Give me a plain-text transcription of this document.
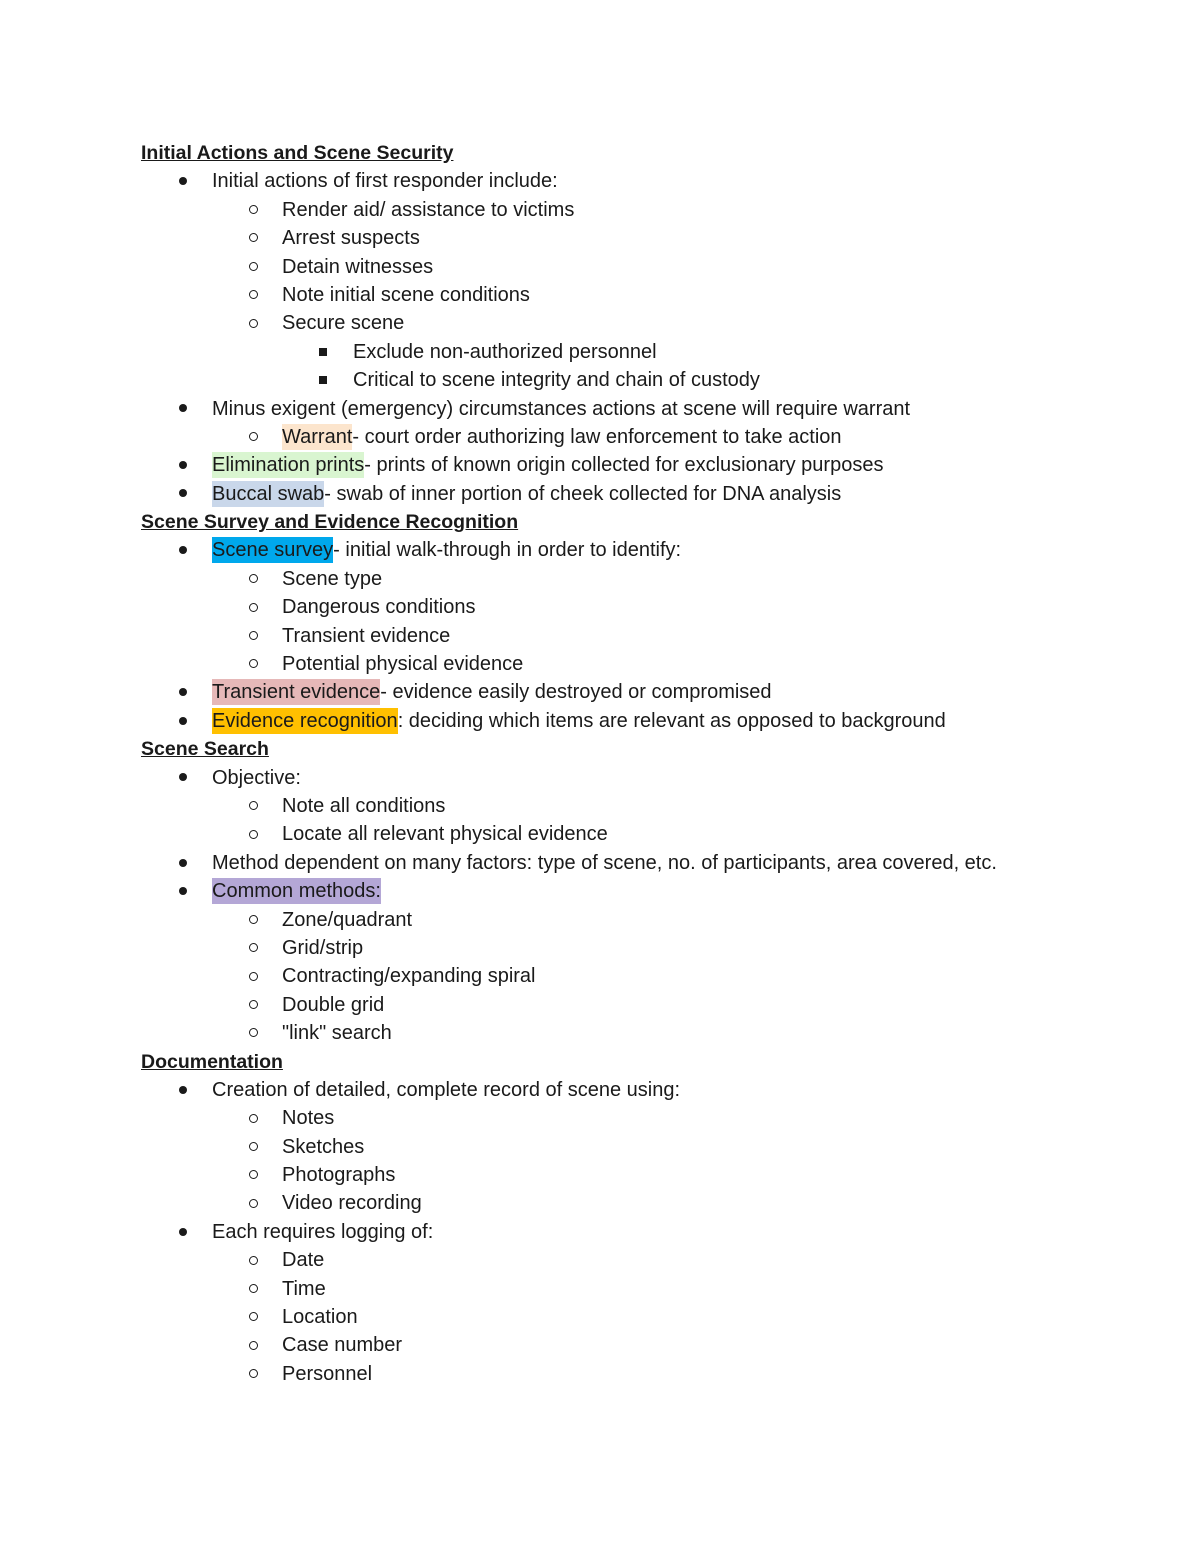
Initial Actions and Scene Security
Initial actions of first responder include:
Render aid/ assistance to victims
Arrest suspects
Detain witnesses
Note initial scene conditions
Secure scene
Exclude non-authorized personnel
Critical to scene integrity and chain of custody
Minus exigent (emergency) circumstances actions at scene will require warrant
Warrant- court order authorizing law enforcement to take action
Elimination prints- prints of known origin collected for exclusionary purposes
Buccal swab- swab of inner portion of cheek collected for DNA analysis
Scene Survey and Evidence Recognition
Scene survey- initial walk-through in order to identify:
Scene type
Dangerous conditions
Transient evidence
Potential physical evidence
Transient evidence- evidence easily destroyed or compromised
Evidence recognition: deciding which items are relevant as opposed to background
Scene Search
Objective:
Note all conditions
Locate all relevant physical evidence
Method dependent on many factors: type of scene, no. of participants, area covered, etc.
Common methods:
Zone/quadrant
Grid/strip
Contracting/expanding spiral
Double grid
"link" search
Documentation
Creation of detailed, complete record of scene using:
Notes
Sketches
Photographs
Video recording
Each requires logging of:
Date
Time
Location
Case number
Personnel
